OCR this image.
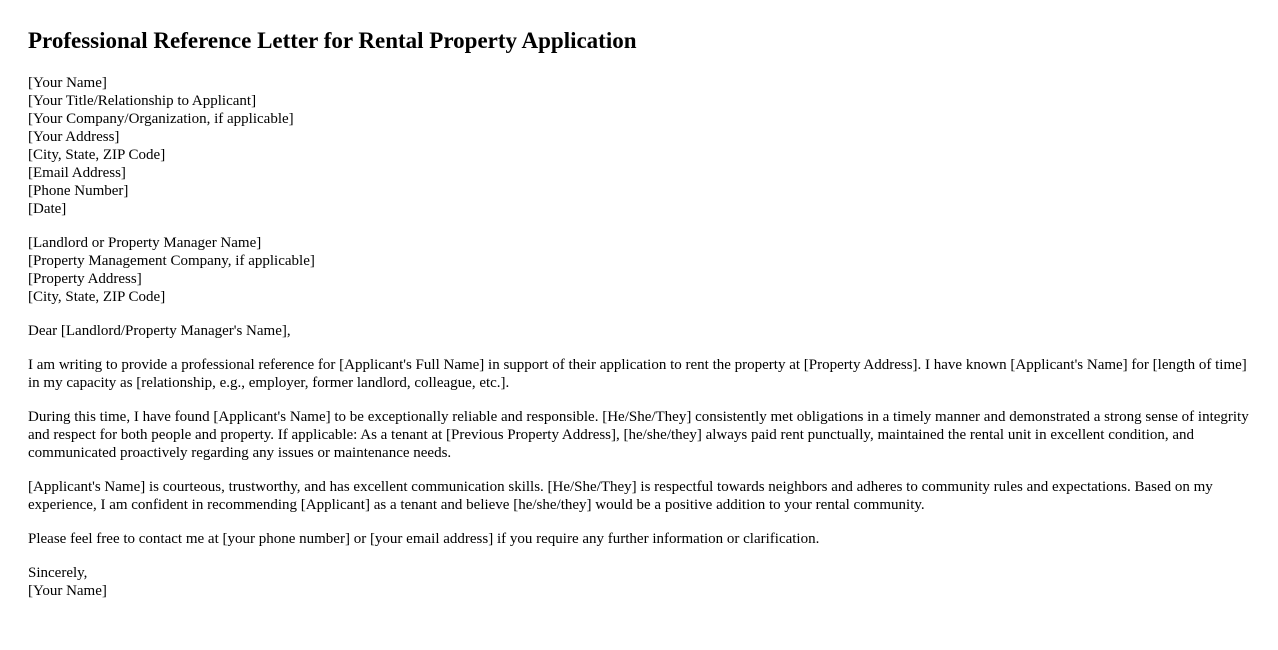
Professional Reference Letter for Rental Property Application
[Your Name]
[Your Title/Relationship to Applicant]
[Your Company/Organization, if applicable]
[Your Address]
[City, State, ZIP Code]
[Email Address]
[Phone Number]
[Date]
[Landlord or Property Manager Name]
[Property Management Company, if applicable]
[Property Address]
[City, State, ZIP Code]
Dear [Landlord/Property Manager's Name],

I am writing to provide a professional reference for [Applicant's Full Name] in support of their application to rent the property at [Property Address]. I have known [Applicant's Name] for [length of time] in my capacity as [relationship, e.g., employer, former landlord, colleague, etc.].

During this time, I have found [Applicant's Name] to be exceptionally reliable and responsible. [He/She/They] consistently met obligations in a timely manner and demonstrated a strong sense of integrity and respect for both people and property. If applicable: As a tenant at [Previous Property Address], [he/she/they] always paid rent punctually, maintained the rental unit in excellent condition, and communicated proactively regarding any issues or maintenance needs.

[Applicant's Name] is courteous, trustworthy, and has excellent communication skills. [He/She/They] is respectful towards neighbors and adheres to community rules and expectations. Based on my experience, I am confident in recommending [Applicant] as a tenant and believe [he/she/they] would be a positive addition to your rental community.

Please feel free to contact me at [your phone number] or [your email address] if you require any further information or clarification.

Sincerely,
[Your Name]
